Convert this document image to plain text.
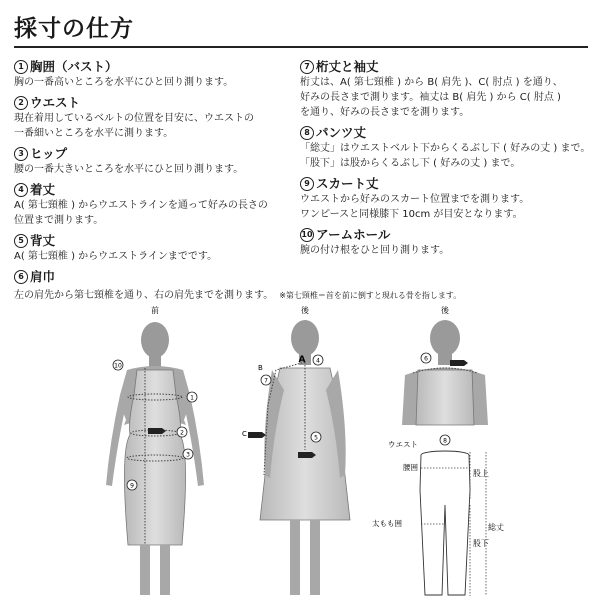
採寸の仕方
1 胸囲（バスト）
胸の一番高いところを水平にひと回り測ります。
2 ウエスト
現在着用しているベルトの位置を目安に、ウエストの
一番細いところを水平に測ります。
3 ヒップ
腰の一番大きいところを水平にひと回り測ります。
4 着丈
A( 第七頸椎 ) からウエストラインを通って好みの長さの
位置まで測ります。
5 背丈
A( 第七頸椎 ) からウエストラインまでです。
6 肩巾
左の肩先から第七頸椎を通り、右の肩先までを測ります。 ※第七頸椎＝首を前に倒すと現れる骨を指します。
7 桁丈と袖丈
桁丈は、A( 第七頸椎 ) から B( 肩先 )、C( 肘点 ) を通り、
好みの長さまで測ります。袖丈は B( 肩先 ) から C( 肘点 )
を通り、好みの長さまでを測ります。
8 パンツ丈
「総丈」はウエストベルト下からくるぶし下 ( 好みの丈 ) まで。
「股下」は股からくるぶし下 ( 好みの丈 ) まで。
9 スカート丈
ウエストから好みのスカート位置までを測ります。
ワンピースと同様膝下 10cm が目安となります。
10 アームホール
腕の付け根をひと回り測ります。
前
10
1
2
3
9
後
A
B
C
4
7
5
後
6
8
ウエスト
腰囲
太もも囲
股上
総丈
股下
